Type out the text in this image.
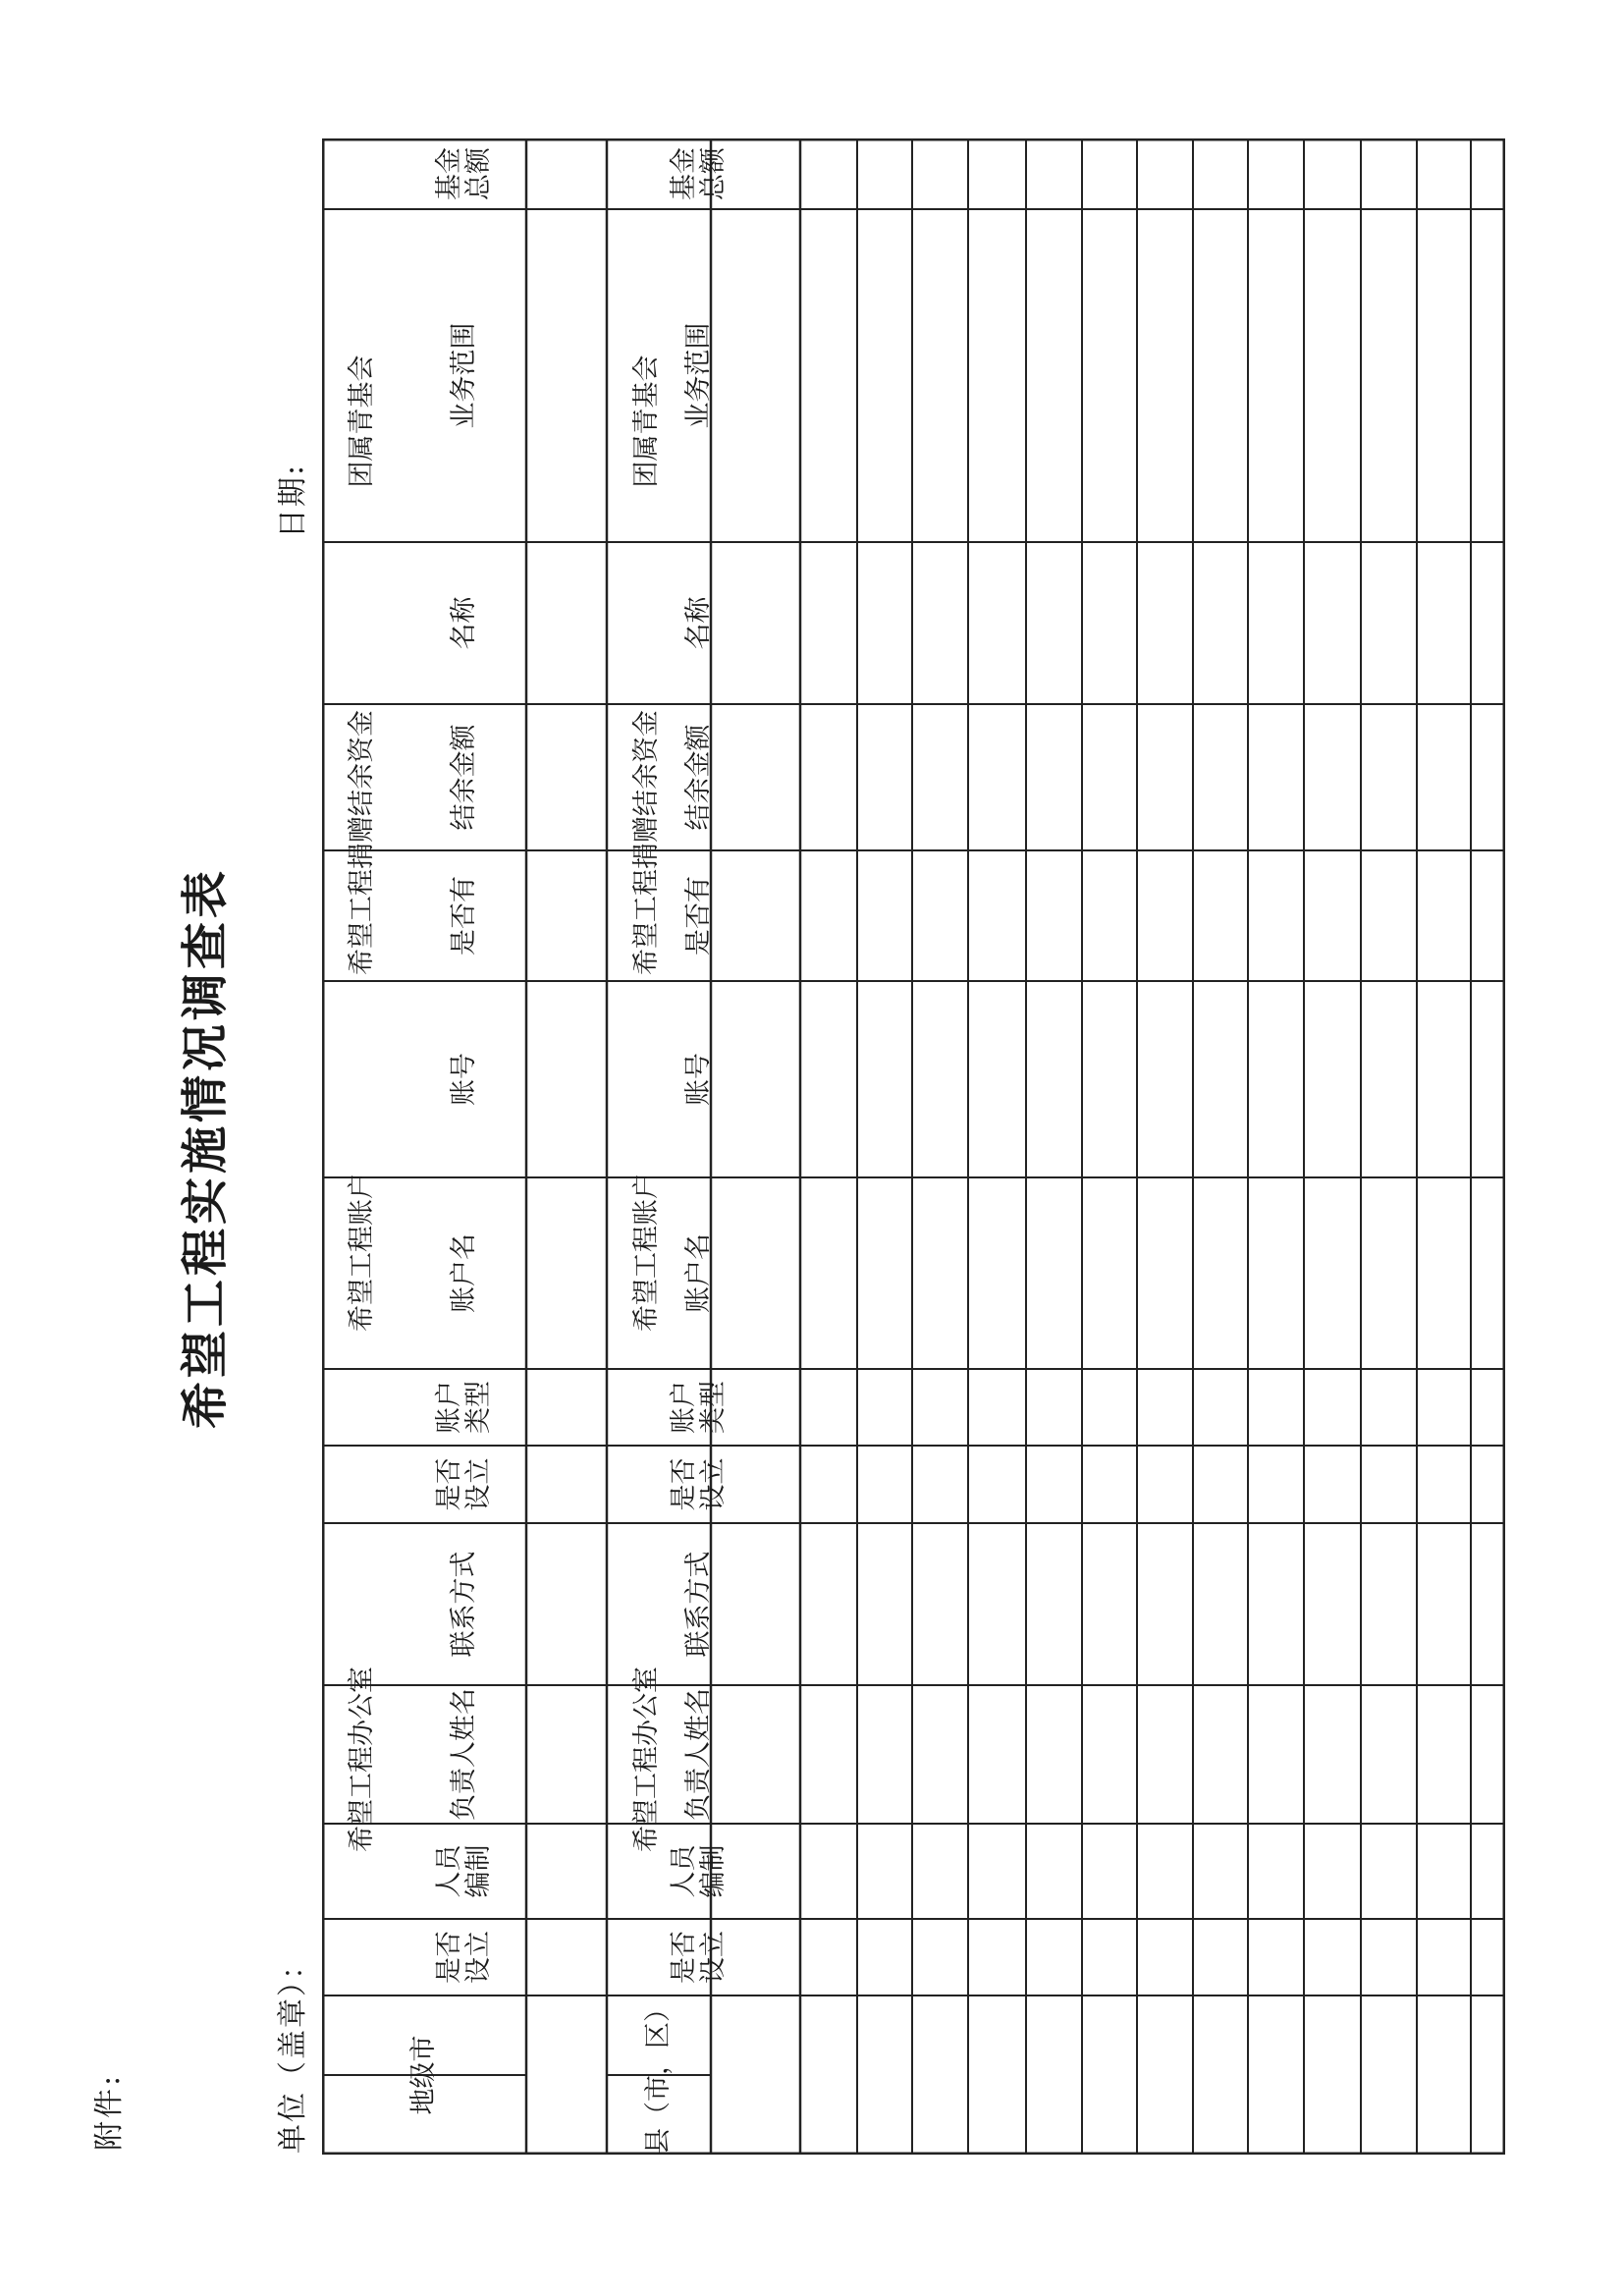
附件:
希望工程实施情况调查表
单位（盖章）：
日期:
地级市
希望工程办公室
希望工程账户
希望工程捐赠结余资金
团属青基会
是否
设立
人员
编制
负责人姓名
联系方式
是否
设立
账户
类型
账户名
账号
是否有
结余金额
名称
业务范围
基金总额
县（市，区）
希望工程办公室
希望工程账户
希望工程捐赠结余资金
团属青基会
是否
设立
人员
编制
负责人姓名
联系方式
是否
设立
账户
类型
账户名
账号
是否有
结余金额
名称
业务范围
基金总额
